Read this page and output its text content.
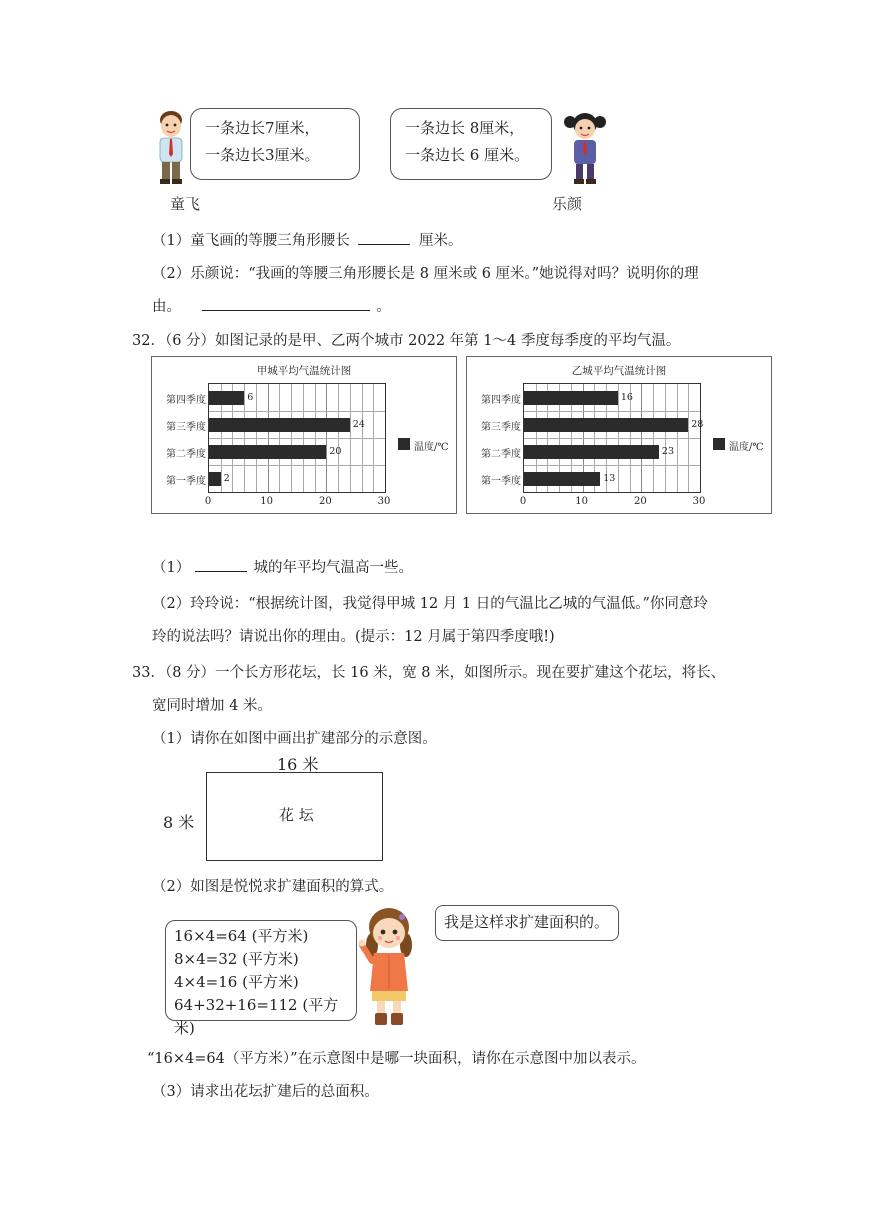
一条边长7厘米，
一条边长3厘米。
童飞
一条边长 8厘米，
一条边长 6 厘米。
乐颜
（1）童飞画的等腰三角形腰长	厘米。
（2）乐颜说：“我画的等腰三角形腰长是 8 厘米或 6 厘米。”她说得对吗？说明你的理
由。	。
32．（6 分）如图记录的是甲、乙两个城市 2022 年第 1～4 季度每季度的平均气温。
甲城平均气温统计图
6
24
20
2
第四季度
第三季度
第二季度
第一季度
0	10	20	30
温度/℃
乙城平均气温统计图
16
28
23
13
第四季度
第三季度
第二季度
第一季度
0	10	20	30
温度/℃
（1）	城的年平均气温高一些。
（2）玲玲说：“根据统计图，我觉得甲城 12 月 1 日的气温比乙城的气温低。”你同意玲
玲的说法吗？请说出你的理由。(提示：12 月属于第四季度哦!)
33．（8 分）一个长方形花坛，长 16 米，宽 8 米，如图所示。现在要扩建这个花坛，将长、
宽同时增加 4 米。
（1）请你在如图中画出扩建部分的示意图。
16 米
8 米	花 坛
（2）如图是悦悦求扩建面积的算式。
16×4=64 (平方米)
8×4=32 (平方米)
4×4=16 (平方米)
64+32+16=112 (平方米)
我是这样求扩建面积的。
“16×4=64（平方米）”在示意图中是哪一块面积，请你在示意图中加以表示。
（3）请求出花坛扩建后的总面积。
